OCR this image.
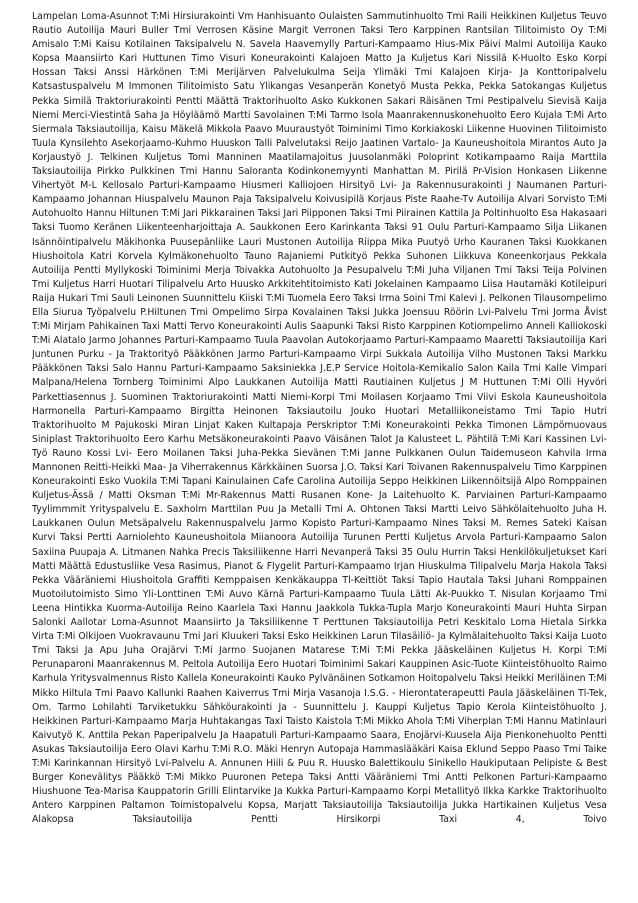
Lampelan Loma-Asunnot T:Mi Hirsiurakointi Vm Hanhisuanto Oulaisten Sammutinhuolto Tmi Raili Heikkinen Kuljetus Teuvo Rautio Autoilija Mauri Buller Tmi Verrosen Käsine Margit Verronen Taksi Tero Karppinen Rantsilan Tilitoimisto Oy T:Mi Amisalo T:Mi Kaisu Kotilainen Taksipalvelu N. Savela Haavemylly Parturi-Kampaamo Hius-Mix Päivi Malmi Autoilija Kauko Kopsa Maansiirto Kari Huttunen Timo Visuri Koneurakointi Kalajoen Matto Ja Kuljetus Kari Nissilä K-Huolto Esko Korpi Hossan Taksi Anssi Härkönen T:Mi Merijärven Palvelukulma Seija Ylimäki Tmi Kalajoen Kirja- Ja Konttoripalvelu Katsastuspalvelu M Immonen Tilitoimisto Satu Ylikangas Vesanperän Konetyö Musta Pekka, Pekka Satokangas Kuljetus Pekka Similä Traktoriurakointi Pentti Määttä Traktorihuolto Asko Kukkonen Sakari Räisänen Tmi Pestipalvelu Sievisä Kaija Niemi Merci-Viestintä Saha Ja Höyläämö Martti Savolainen T:Mi Tarmo Isola Maanrakennuskonehuolto Eero Kujala T:Mi Arto Siermala Taksiautoilija, Kaisu Mäkelä Mikkola Paavo Muuraustyöt Toiminimi Timo Korkiakoski Liikenne Huovinen Tilitoimisto Tuula Kynsilehto Asekorjaamo-Kuhmo Huuskon Talli Palvelutaksi Reijo Jaatinen Vartalo- Ja Kauneushoitola Mirantos Auto Ja Korjaustyö J. Telkinen Kuljetus Tomi Manninen Maatilamajoitus Juusolanmäki Poloprint Kotikampaamo Raija Marttila Taksiautoilija Pirkko Pulkkinen Tmi Hannu Salorantа Kodinkonemyynti Manhattan M. Pirilä Pr-Vision Honkasen Liikenne Vihertyöt M-L Kellosalo Parturi-Kampaamo Hiusmeri Kalliojoen Hirsityö Lvi- Ja Rakennusurakointi J Naumanen Parturi-Kampaamo Johannan Hiuspalvelu Maunon Paja Taksipalvelu Koivusipilä Korjaus Piste Raahe-Tv Autoilija Alvari Sorvisto T:Mi Autohuolto Hannu Hiltunen T:Mi Jari Pikkarainen Taksi Jari Piipponen Taksi Tmi Piirainen Kattila Ja Poltinhuolto Esa Hakasaari Taksi Tuomo Keränen Liikenteenharjoittaja A. Saukkonen Eero Karinkanta Taksi 91 Oulu Parturi-Kampaamo Silja Liikanen Isännöintipalvelu Mäkihonka Puusepänliike Lauri Mustonen Autoilija Riippa Mika Puutyö Urho Kauranen Taksi Kuokkanen Hiushoitola Katri Korvela Kylmäkonehuolto Tauno Rajaniemi Putkityö Pekka Suhonen Liikkuva Koneenkorjaus Pekkala Autoilija Pentti Myllykoski Toiminimi Merja Toivakka Autohuolto Ja Pesupalvelu T:Mi Juha Viljanen Tmi Taksi Teija Polvinen Tmi Kuljetus Harri Huotari Tilipalvelu Arto Huusko Arkkitehtitoimisto Kati Jokelainen Kampaamo Liisa Hautamäki Kotileipuri Raija Hukari Tmi Sauli Leinonen Suunnittelu Kiiski T:Mi Tuomela Eero Taksi Irma Soini Tmi Kalevi J. Pelkonen Tilausompelimo Ella Siurua Työpalvelu P.Hiltunen Tmi Ompelimo Sirpa Kovalainen Taksi Jukka Joensuu Röörin Lvi-Palvelu Tmi Jorma Åvist T:Mi Mirjam Pahikainen Taxi Matti Tervo Koneurakointi Aulis Saapunki Taksi Risto Karppinen Kotiompelimo Anneli Kalliokoski T:Mi Alatalo Jarmo Johannes Parturi-Kampaamo Tuula Paavolan Autokorjaamo Parturi-Kampaamo Maaretti Taksiautoilija Kari Juntunen Purku - Ja Traktorityö Pääkkönen Jarmo Parturi-Kampaamo Virpi Sukkala Autoilija Vilho Mustonen Taksi Markku Pääkkönen Taksi Salo Hannu Parturi-Kampaamo Saksiniekka J.E.P Service Hoitola-Kemikalio Salon Kaila Tmi Kalle Vimpari Malpana/Helena Tornberg Toiminimi Alpo Laukkanen Autoilija Matti Rautiainen Kuljetus J M Huttunen T:Mi Olli Hyvöri Parkettiasennus J. Suominen Traktoriurakointi Matti Niemi-Korpi Tmi Moilasen Korjaamo Tmi Viivi Eskola Kauneushoitola Harmonella Parturi-Kampaamo Birgitta Heinonen Taksiautoilu Jouko Huotari Metalliikoneistamo Tmi Tapio Hutri Traktorihuolto M Pajukoski Miran Linjat Kaken Kultapaja Perskriptor T:Mi Koneurakointi Pekka Timonen Lämpömuovaus Siniplast Traktorihuolto Eero Karhu Metsäkoneurakointi Paavo Väisänen Talot Ja Kalusteet L. Pähtilä T:Mi Kari Kassinen Lvi-Työ Rauno Kossi Lvi- Eero Moilanen Taksi Juha-Pekka Sievänen T:Mi Janne Pulkkanen Oulun Taidemuseon Kahvila Irma Mannonen Reitti-Heikki Maa- Ja Viherrakennus Kärkkäinen Suorsa J.O. Taksi Kari Toivanen Rakennuspalvelu Timo Karppinen Koneurakointi Esko Vuokila T:Mi Tapani Kainulainen Cafe Carolina Autoilija Seppo Heikkinen Liikennöitsijä Alpo Romppainen Kuljetus-Ässä / Matti Oksman T:Mi Mr-Rakennus Matti Rusanen Kone- Ja Laitehuolto K. Parviainen Parturi-Kampaamo Tyylimmmit Yrityspalvelu E. Saxholm Marttilan Puu Ja Metalli Tmi A. Ohtonen Taksi Martti Leivo Sähkölaitehuolto Juha H. Laukkanen Oulun Metsäpalvelu Rakennuspalvelu Jarmo Kopisto Parturi-Kampaamo Nines Taksi M. Remes Sateki Kaisan Kurvi Taksi Pertti Aarniolehto Kauneushoitola Miianoora Autoilija Turunen Pertti Kuljetus Arvola Parturi-Kampaamo Salon Saxiina Puupaja A. Litmanen Nahka Precis Taksiliikenne Harri Nevanperä Taksi 35 Oulu Hurrin Taksi Henkilökuljetukset Kari Matti Määttä Edustusliike Vesa Rasimus, Pianot & Flygelit Parturi-Kampaamo Irjan Hiuskulma Tilipalvelu Marja Hakola Taksi Pekka Vääräniemi Hiushoitola Graffiti Kemppaisen Kenkäkauppa Tl-Keittiöt Taksi Tapio Hautala Taksi Juhani Romppainen Muotoilutoimisto Simo Yli-Lonttinen T:Mi Auvo Kärnä Parturi-Kampaamo Tuula Lätti Ak-Puukko T. Nisulan Korjaamo Tmi Leena Hintikka Kuorma-Autoilija Reino Kaarlela Taxi Hannu Jaakkola Tukka-Tupla Marjo Koneurakointi Mauri Huhta Sirpan Salonki Aallotar Loma-Asunnot Maansiirto Ja Taksiliikenne T Perttunen Taksiautoilija Petri Keskitalo Loma Hietala Sirkka Virta T:Mi Olkijoen Vuokravaunu Tmi Jari Kluukeri Taksi Esko Heikkinen Larun Tilasäiliö- Ja Kylmälaitehuolto Taksi Kaija Luoto Tmi Taksi Ja Apu Juha Orajärvi T:Mi Jarmo Suojanen Matarese T:Mi T:Mi Pekka Jääskeläinen Kuljetus H. Korpi T:Mi Perunaparoni Maanrakennus M. Peltola Autoilija Eero Huotari Toiminimi Sakari Kauppinen Asic-Tuote Kiinteistöhuolto Raimo Karhula Yritysvalmennus Risto Kallela Koneurakointi Kauko Pylvänäinen Sotkamon Hoitopalvelu Taksi Heikki Meriläinen T:Mi Mikko Hiltula Tmi Paavo Kallunki Raahen Kaiverrus Tmi Mirja Vasanoja I.S.G. - Hierontaterapeutti Paula Jääskeläinen Tl-Tek, Om. Tarmo Lohilahti Tarviketukku Sähköurakointi Ja - Suunnittelu J. Kauppi Kuljetus Tapio Kerola Kiinteistöhuolto J. Heikkinen Parturi-Kampaamo Marja Huhtakangas Taxi Taisto Kaistola T:Mi Mikko Ahola T:Mi Viherplan T:Mi Hannu Matinlauri Kaivutyö K. Anttila Pekan Paperipalvelu Ja Haapatuli Parturi-Kampaamo Saara, Enojärvi-Kuusela Aija Pienkonehuolto Pentti Asukas Taksiautoilija Eero Olavi Karhu T:Mi R.O. Mäki Henryn Autopaja Hammaslääkäri Kaisa Eklund Seppo Paaso Tmi Taike T:Mi Karinkannan Hirsityö Lvi-Palvelu A. Annunen Hiili & Puu R. Huusko Balettikoulu Sinikello Haukiputaan Pelipiste & Best Burger Konevälitys Pääkkö T:Mi Mikko Puuronen Petepa Taksi Antti Vääräniemi Tmi Antti Pelkonen Parturi-Kampaamo Hiushuone Tea-Marisa Kauppatorin Grilli Elintarvike Ja Kukka Parturi-Kampaamo Korpi Metallityö Ilkka Karkke Traktorihuolto Antero Karppinen Paltamon Toimistopalvelu Kopsa, Marjatt Taksiautoilija Taksiautoilija Jukka Hartikainen Kuljetus Vesa Alakopsa Taksiautoilija Pentti Hirsikorpi Taxi 4, Toivo
